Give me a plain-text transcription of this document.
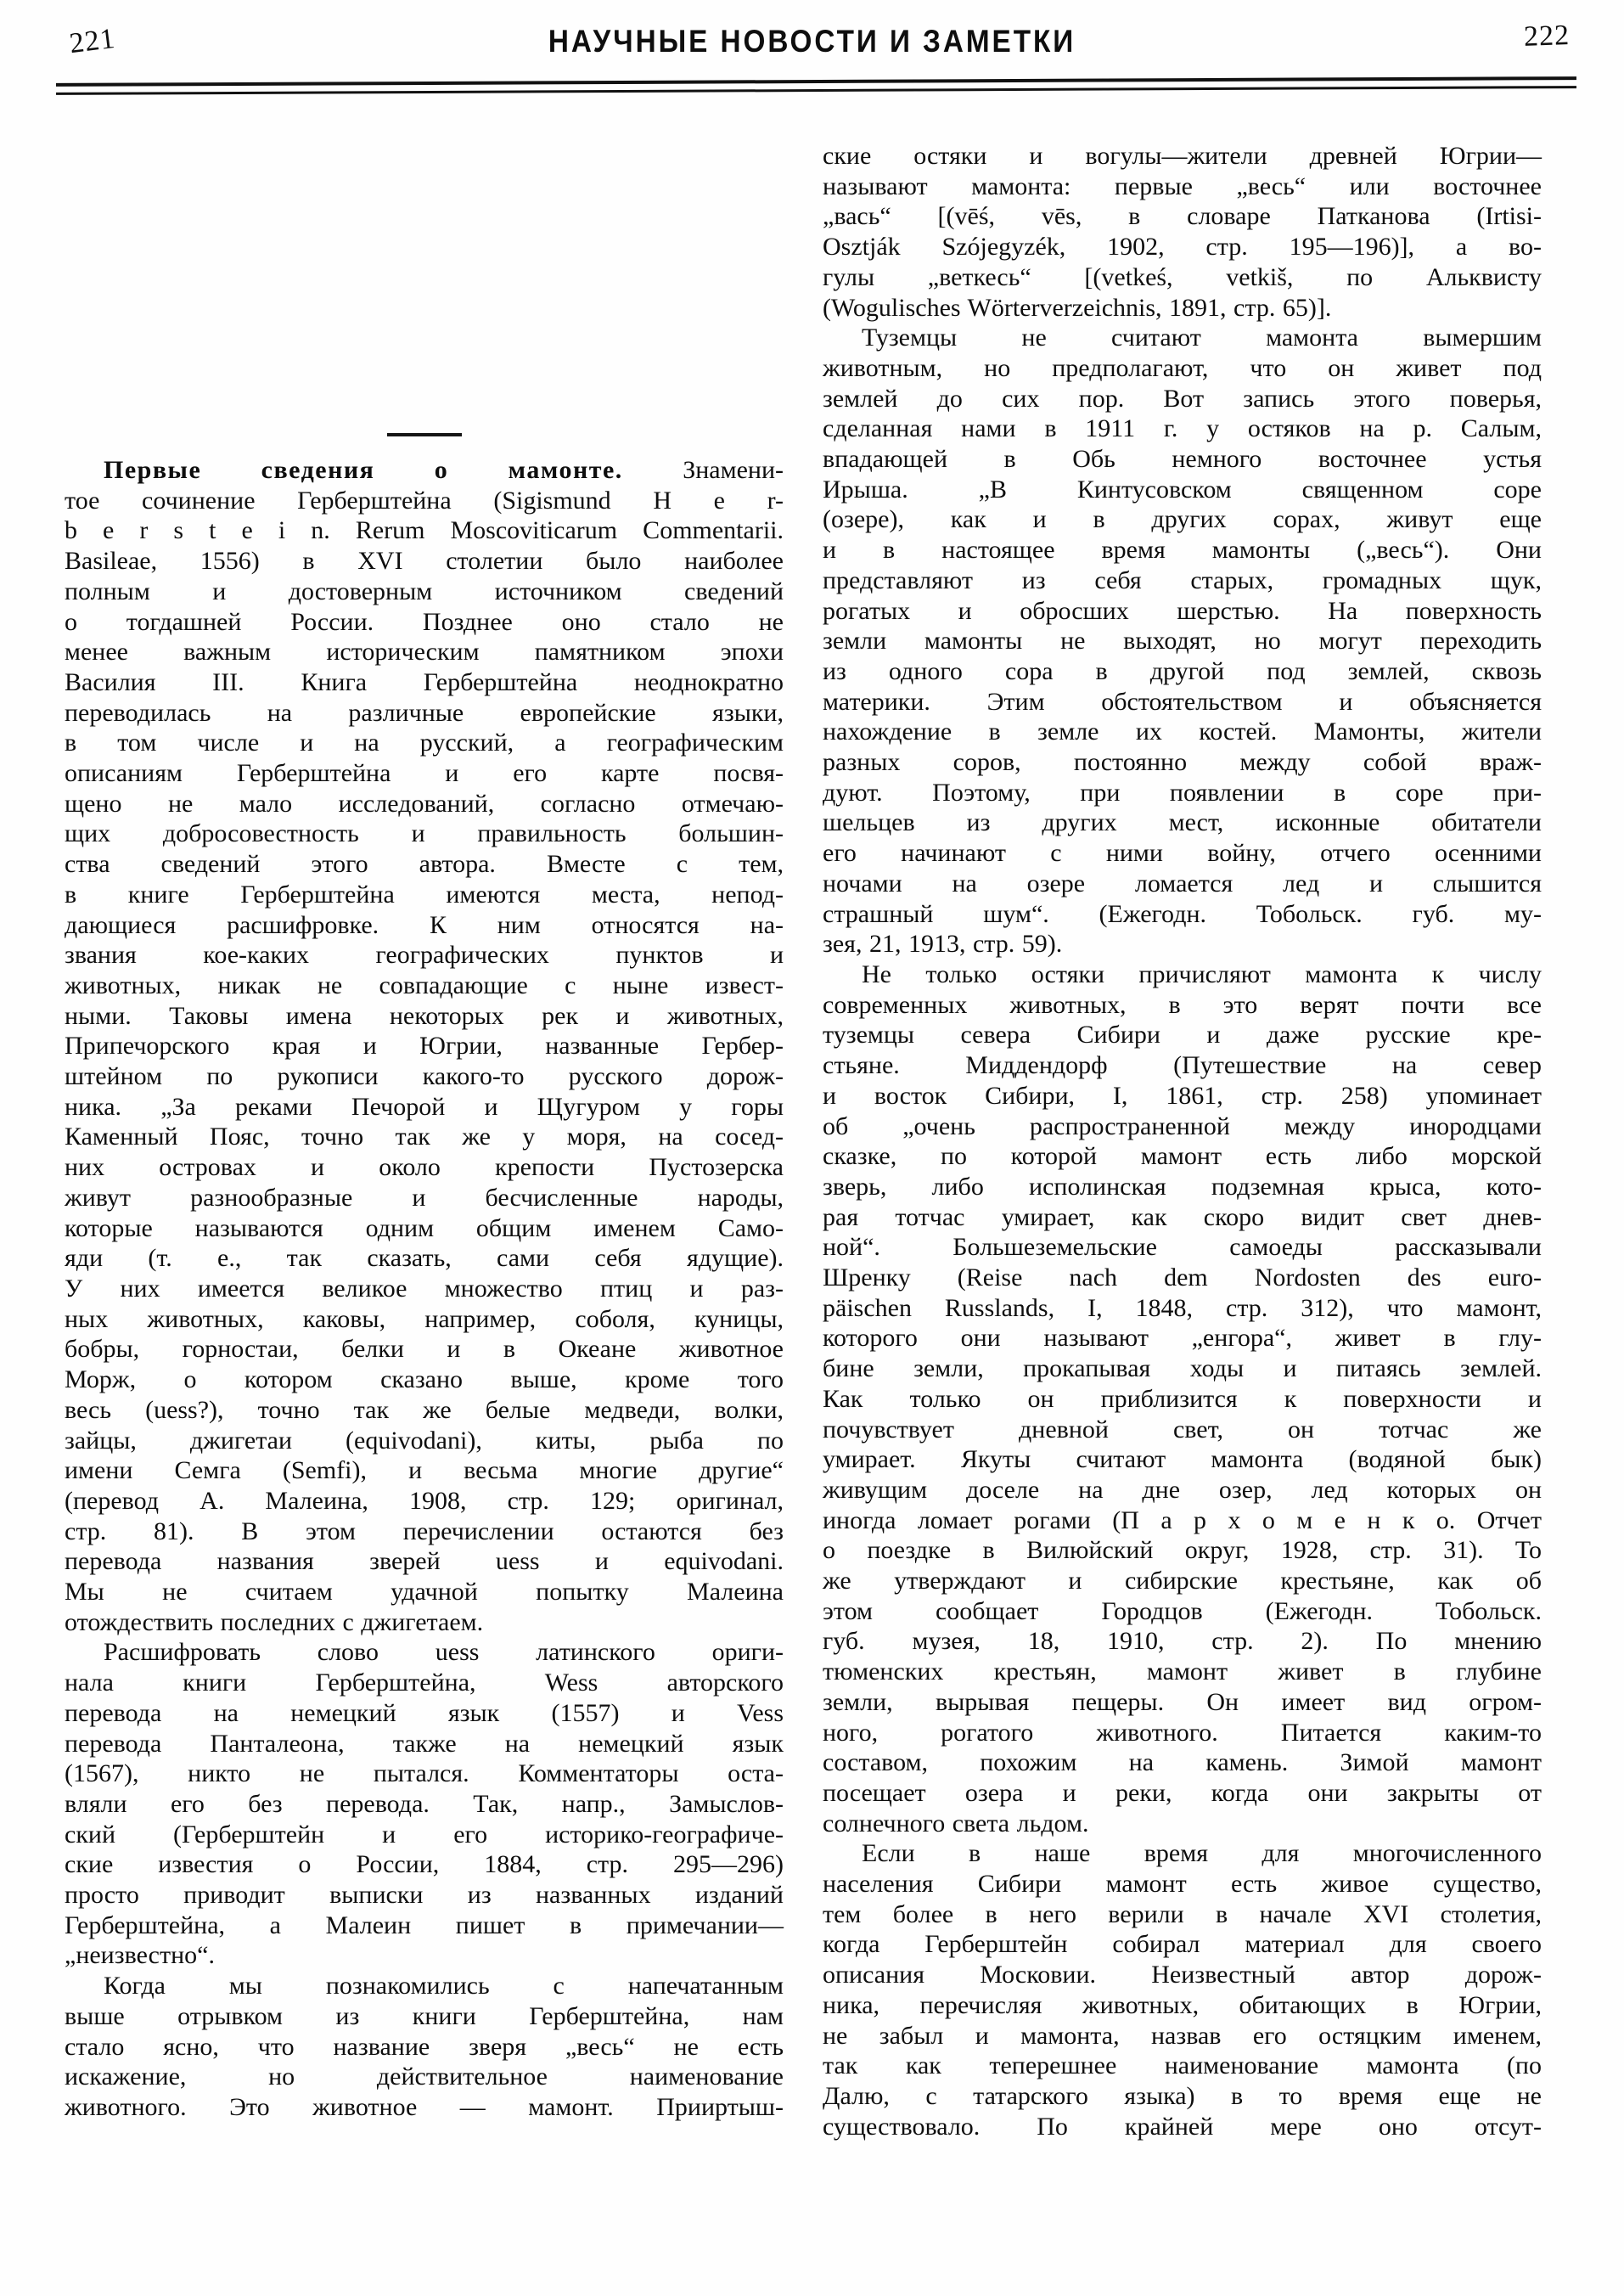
221	НАУЧНЫЕ НОВОСТИ И ЗАМЕТКИ	222
Первые сведения о мамонте. Знамени-
тое сочинение Герберштейна (Sigismund H e r-
b e r s t e i n. Rerum Moscoviticarum Commentarii.
Basileae, 1556) в XVI столетии было наиболее
полным и достоверным источником сведений
о тогдашней России. Позднее оно стало не
менее важным историческим памятником эпохи
Василия III. Книга Герберштейна неоднократно
переводилась на различные европейские языки,
в том числе и на русский, а географическим
описаниям Герберштейна и его карте посвя-
щено не мало исследований, согласно отмечаю-
щих добросовестность и правильность большин-
ства сведений этого автора. Вместе с тем,
в книге Герберштейна имеются места, непод-
дающиеся расшифровке. К ним относятся на-
звания кое-каких географических пунктов и
животных, никак не совпадающие с ныне извест-
ными. Таковы имена некоторых рек и животных,
Припечорского края и Югрии, названные Гербер-
штейном по рукописи какого-то русского дорож-
ника. „За реками Печорой и Щугуром у горы
Каменный Пояс, точно так же у моря, на сосед-
них островах и около крепости Пустозерска
живут разнообразные и бесчисленные народы,
которые называются одним общим именем Само-
яди (т. е., так сказать, сами себя ядущие).
У них имеется великое множество птиц и раз-
ных животных, каковы, например, соболя, куницы,
бобры, горностаи, белки и в Океане животное
Морж, о котором сказано выше, кроме того
весь (uess?), точно так же белые медведи, волки,
зайцы, джигетаи (equivodani), киты, рыба по
имени Семга (Semfi), и весьма многие другие“
(перевод А. Малеина, 1908, стр. 129; оригинал,
стр. 81). В этом перечислении остаются без
перевода названия зверей uess и equivodani.
Мы не считаем удачной попытку Малеина
отождествить последних с джигетаем.
Расшифровать слово uess латинского ориги-
нала книги Герберштейна, Wess авторского
перевода на немецкий язык (1557) и Vess
перевода Панталеона, также на немецкий язык
(1567), никто не пытался. Комментаторы оста-
вляли его без перевода. Так, напр., Замыслов-
ский (Герберштейн и его историко-географиче-
ские известия о России, 1884, стр. 295—296)
просто приводит выписки из названных изданий
Герберштейна, а Малеин пишет в примечании—
„неизвестно“.
Когда мы познакомились с напечатанным
выше отрывком из книги Герберштейна, нам
стало ясно, что название зверя „весь“ не есть
искажение, но действительное наименование
животного. Это животное — мамонт. Прииртыш-
ские остяки и вогулы—жители древней Югрии—
называют мамонта: первые „весь“ или восточнее
„вась“ [(vēś, vēs, в словаре Патканова (Irtisi-
Osztják Szójegyzék, 1902, стр. 195—196)], а во-
гулы „веткесь“ [(vetkeś, vetkiš, по Альквисту
(Wogulisches Wörterverzeichnis, 1891, стр. 65)].
Туземцы не считают мамонта вымершим
животным, но предполагают, что он живет под
землей до сих пор. Вот запись этого поверья,
сделанная нами в 1911 г. у остяков на р. Салым,
впадающей в Обь немного восточнее устья
Ирыша. „В Кинтусовском священном соре
(озере), как и в других сорах, живут еще
и в настоящее время мамонты („весь“). Они
представляют из себя старых, громадных щук,
рогатых и обросших шерстью. На поверхность
земли мамонты не выходят, но могут переходить
из одного сора в другой под землей, сквозь
материки. Этим обстоятельством и объясняется
нахождение в земле их костей. Мамонты, жители
разных соров, постоянно между собой враж-
дуют. Поэтому, при появлении в соре при-
шельцев из других мест, исконные обитатели
его начинают с ними войну, отчего осенними
ночами на озере ломается лед и слышится
страшный шум“. (Ежегодн. Тобольск. губ. му-
зея, 21, 1913, стр. 59).
Не только остяки причисляют мамонта к числу
современных животных, в это верят почти все
туземцы севера Сибири и даже русские кре-
стьяне. Миддендорф (Путешествие на север
и восток Сибири, I, 1861, стр. 258) упоминает
об „очень распространенной между инородцами
сказке, по которой мамонт есть либо морской
зверь, либо исполинская подземная крыса, кото-
рая тотчас умирает, как скоро видит свет днев-
ной“. Большеземельские самоеды рассказывали
Шренку (Reise nach dem Nordosten des euro-
päischen Russlands, I, 1848, стр. 312), что мамонт,
которого они называют „енгора“, живет в глу-
бине земли, прокапывая ходы и питаясь землей.
Как только он приблизится к поверхности и
почувствует дневной свет, он тотчас же
умирает. Якуты считают мамонта (водяной бык)
живущим доселе на дне озер, лед которых он
иногда ломает рогами (П а р х о м е н к о. Отчет
о поездке в Вилюйский округ, 1928, стр. 31). То
же утверждают и сибирские крестьяне, как об
этом сообщает Городцов (Ежегодн. Тобольск.
губ. музея, 18, 1910, стр. 2). По мнению
тюменских крестьян, мамонт живет в глубине
земли, вырывая пещеры. Он имеет вид огром-
ного, рогатого животного. Питается каким-то
составом, похожим на камень. Зимой мамонт
посещает озера и реки, когда они закрыты от
солнечного света льдом.
Если в наше время для многочисленного
населения Сибири мамонт есть живое существо,
тем более в него верили в начале XVI столетия,
когда Герберштейн собирал материал для своего
описания Московии. Неизвестный автор дорож-
ника, перечисляя животных, обитающих в Югрии,
не забыл и мамонта, назвав его остяцким именем,
так как теперешнее наименование мамонта (по
Далю, с татарского языка) в то время еще не
существовало. По крайней мере оно отсут-
